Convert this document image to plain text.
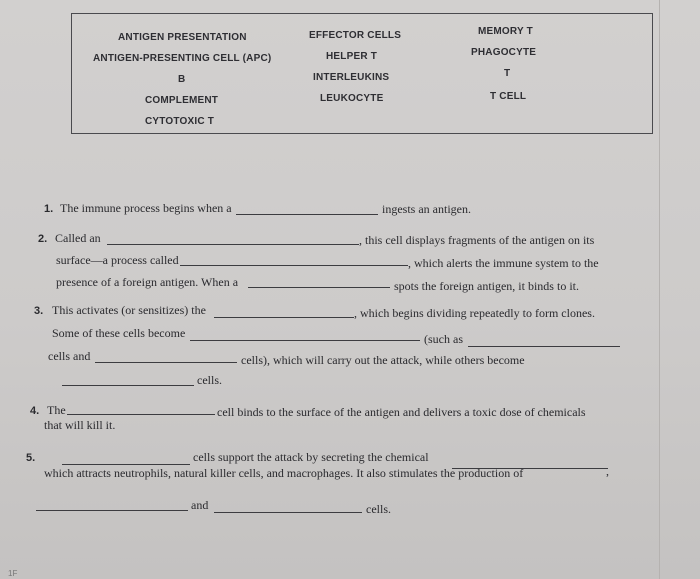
ANTIGEN PRESENTATION
ANTIGEN-PRESENTING CELL (APC)
B
COMPLEMENT
CYTOTOXIC T
EFFECTOR CELLS
HELPER T
INTERLEUKINS
LEUKOCYTE
MEMORY T
PHAGOCYTE
T
T CELL
1. The immune process begins when a	ingests an antigen.
2. Called an	, this cell displays fragments of the antigen on its
surface—a process called	, which alerts the immune system to the
presence of a foreign antigen. When a	spots the foreign antigen, it binds to it.
3. This activates (or sensitizes) the	, which begins dividing repeatedly to form clones.
Some of these cells become	(such as
cells and	cells), which will carry out the attack, while others become
cells.
4. The	cell binds to the surface of the antigen and delivers a toxic dose of chemicals
that will kill it.
5.	cells support the attack by secreting the chemical
,
which attracts neutrophils, natural killer cells, and macrophages. It also stimulates the production of
and	cells.
1F
